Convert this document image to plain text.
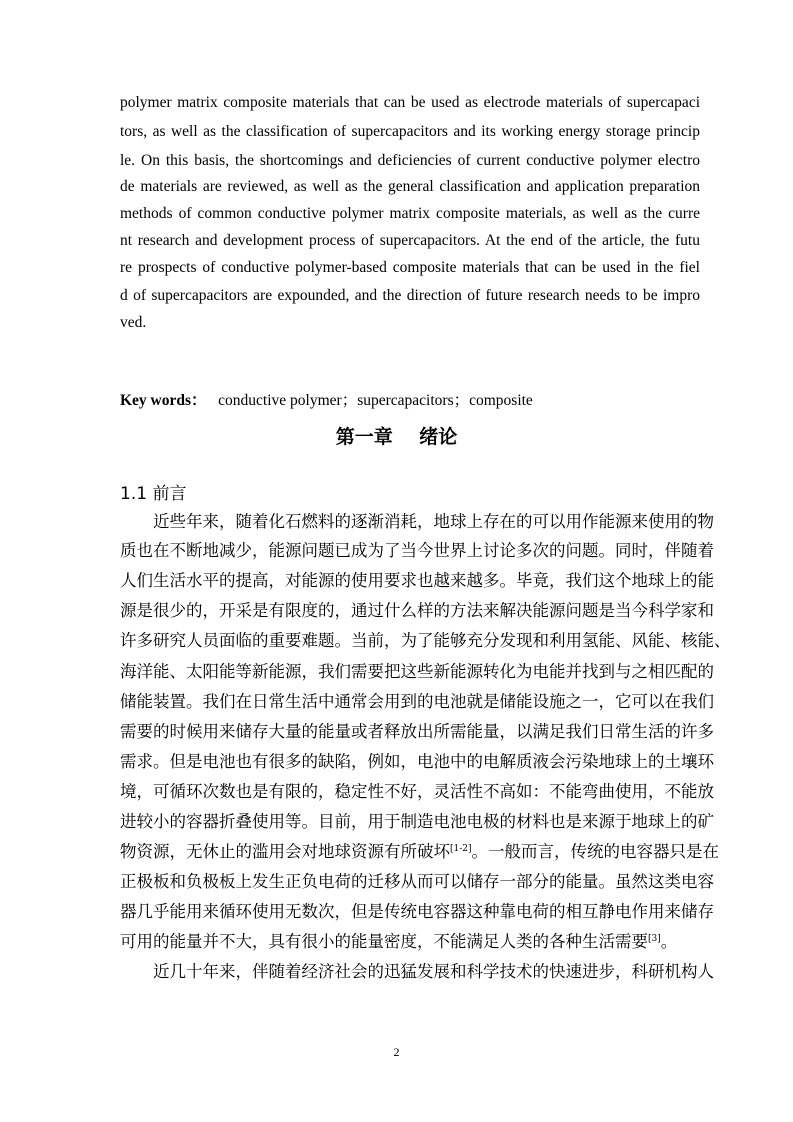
polymer matrix composite materials that can be used as electrode materials of supercapaci
tors, as well as the classification of supercapacitors and its working energy storage princip
le. On this basis, the shortcomings and deficiencies of current conductive polymer electro
de materials are reviewed, as well as the general classification and application preparation
methods of common conductive polymer matrix composite materials, as well as the curre
nt research and development process of supercapacitors. At the end of the article, the futu
re prospects of conductive polymer-based composite materials that can be used in the fiel
d of supercapacitors are expounded, and the direction of future research needs to be impro
ved.
Key words： conductive polymer；supercapacitors；composite
第一章    绪论
1.1 前言
近些年来，随着化石燃料的逐渐消耗，地球上存在的可以用作能源来使用的物
质也在不断地减少，能源问题已成为了当今世界上讨论多次的问题。同时，伴随着
人们生活水平的提高，对能源的使用要求也越来越多。毕竟，我们这个地球上的能
源是很少的，开采是有限度的，通过什么样的方法来解决能源问题是当今科学家和
许多研究人员面临的重要难题。当前，为了能够充分发现和利用氢能、风能、核能、
海洋能、太阳能等新能源，我们需要把这些新能源转化为电能并找到与之相匹配的
储能装置。我们在日常生活中通常会用到的电池就是储能设施之一，它可以在我们
需要的时候用来储存大量的能量或者释放出所需能量，以满足我们日常生活的许多
需求。但是电池也有很多的缺陷，例如，电池中的电解质液会污染地球上的土壤环
境，可循环次数也是有限的，稳定性不好，灵活性不高如：不能弯曲使用，不能放
进较小的容器折叠使用等。目前，用于制造电池电极的材料也是来源于地球上的矿
物资源，无休止的滥用会对地球资源有所破坏[1-2]。一般而言，传统的电容器只是在
正极板和负极板上发生正负电荷的迁移从而可以储存一部分的能量。虽然这类电容
器几乎能用来循环使用无数次，但是传统电容器这种靠电荷的相互静电作用来储存
可用的能量并不大，具有很小的能量密度，不能满足人类的各种生活需要[3]。
近几十年来，伴随着经济社会的迅猛发展和科学技术的快速进步，科研机构人
2
